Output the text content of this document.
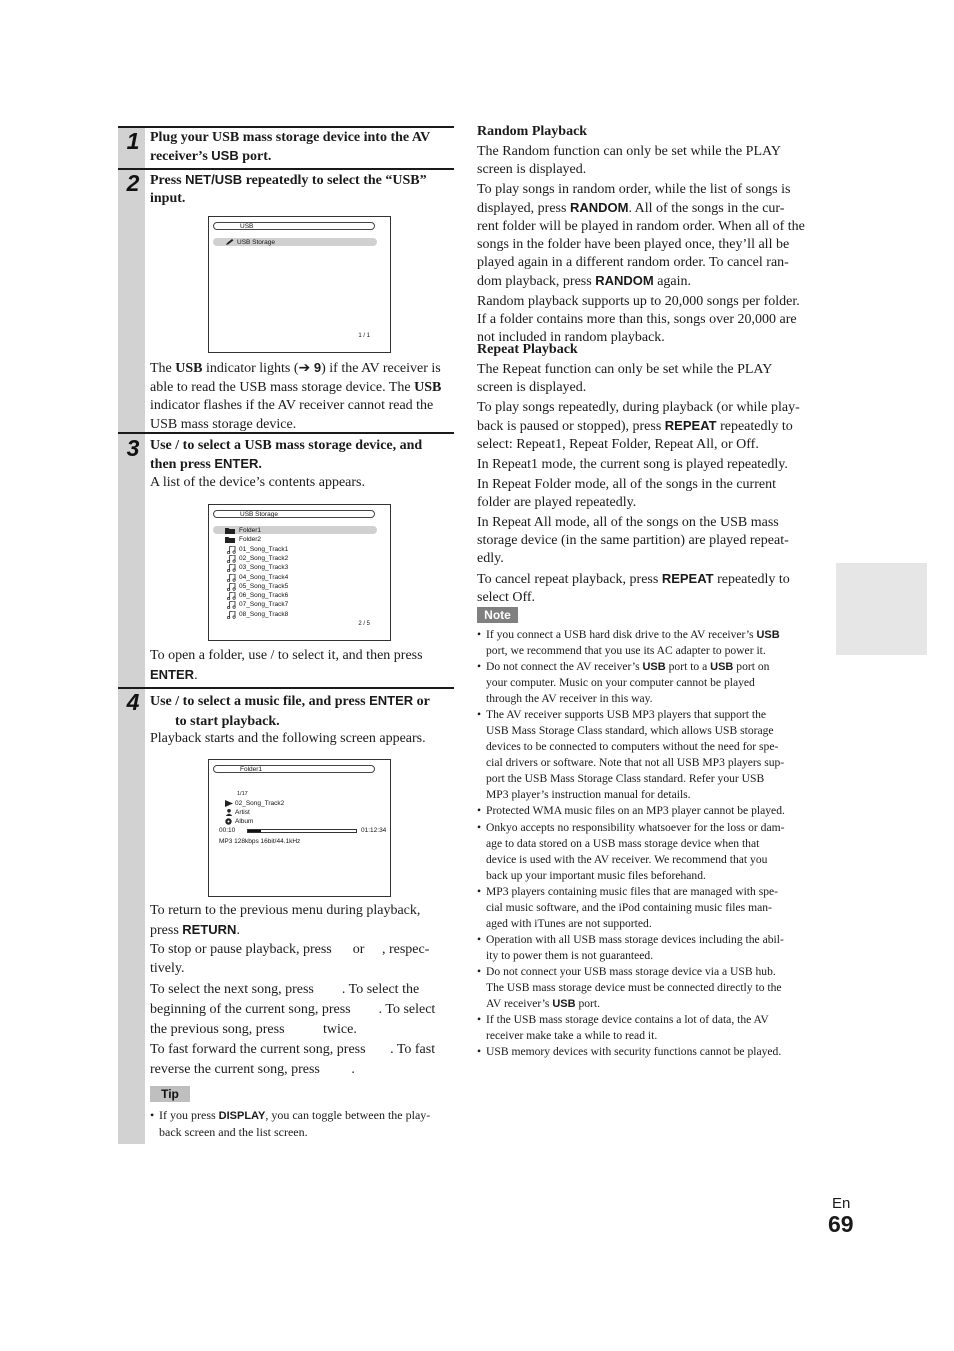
1 Plug your USB mass storage device into the AV
receiver’s USB port.
2 Press NET/USB repeatedly to select the “USB”
input.
USB
USB Storage
1 / 1
The USB indicator lights (➔ 9) if the AV receiver is
able to read the USB mass storage device. The USB
indicator flashes if the AV receiver cannot read the
USB mass storage device.
3 Use / to select a USB mass storage device, and
then press ENTER.
A list of the device’s contents appears.
USB Storage
Folder1
Folder2
01_Song_Track1
02_Song_Track2
03_Song_Track3
04_Song_Track4
05_Song_Track5
06_Song_Track6
07_Song_Track7
08_Song_Track8
2 / 5
To open a folder, use / to select it, and then press
ENTER.
4 Use / to select a music file, and press ENTER or
to start playback.
Playback starts and the following screen appears.
Folder1
1/17
02_Song_Track2
Artist
Album
00:10	01:12:34
MP3 128kbps 16bit/44.1kHz
To return to the previous menu during playback,
press RETURN.
To stop or pause playback, press      or     , respec-
tively.
To select the next song, press        . To select the
beginning of the current song, press        . To select
the previous song, press           twice.
To fast forward the current song, press       . To fast
reverse the current song, press         .
Tip
• If you press DISPLAY, you can toggle between the play-
back screen and the list screen.
Random Playback
The Random function can only be set while the PLAY
screen is displayed.
To play songs in random order, while the list of songs is
displayed, press RANDOM. All of the songs in the cur-
rent folder will be played in random order. When all of the
songs in the folder have been played once, they’ll all be
played again in a different random order. To cancel ran-
dom playback, press RANDOM again.
Random playback supports up to 20,000 songs per folder.
If a folder contains more than this, songs over 20,000 are
not included in random playback.
Repeat Playback
The Repeat function can only be set while the PLAY
screen is displayed.
To play songs repeatedly, during playback (or while play-
back is paused or stopped), press REPEAT repeatedly to
select: Repeat1, Repeat Folder, Repeat All, or Off.
In Repeat1 mode, the current song is played repeatedly.
In Repeat Folder mode, all of the songs in the current
folder are played repeatedly.
In Repeat All mode, all of the songs on the USB mass
storage device (in the same partition) are played repeat-
edly.
To cancel repeat playback, press REPEAT repeatedly to
select Off.
Note
• If you connect a USB hard disk drive to the AV receiver’s USB
port, we recommend that you use its AC adapter to power it.
• Do not connect the AV receiver’s USB port to a USB port on
your computer. Music on your computer cannot be played
through the AV receiver in this way.
• The AV receiver supports USB MP3 players that support the
USB Mass Storage Class standard, which allows USB storage
devices to be connected to computers without the need for spe-
cial drivers or software. Note that not all USB MP3 players sup-
port the USB Mass Storage Class standard. Refer your USB
MP3 player’s instruction manual for details.
• Protected WMA music files on an MP3 player cannot be played.
• Onkyo accepts no responsibility whatsoever for the loss or dam-
age to data stored on a USB mass storage device when that
device is used with the AV receiver. We recommend that you
back up your important music files beforehand.
• MP3 players containing music files that are managed with spe-
cial music software, and the iPod containing music files man-
aged with iTunes are not supported.
• Operation with all USB mass storage devices including the abil-
ity to power them is not guaranteed.
• Do not connect your USB mass storage device via a USB hub.
The USB mass storage device must be connected directly to the
AV receiver’s USB port.
• If the USB mass storage device contains a lot of data, the AV
receiver make take a while to read it.
• USB memory devices with security functions cannot be played.
En
69
